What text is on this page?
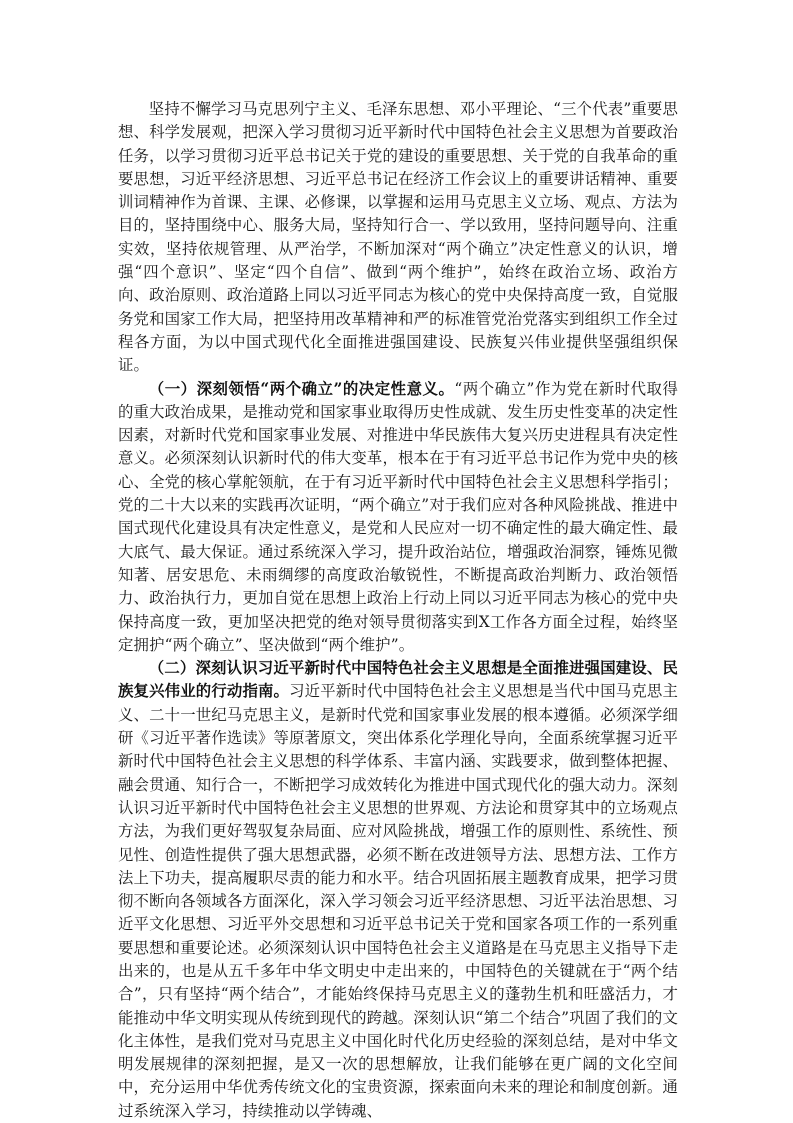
坚持不懈学习马克思列宁主义、毛泽东思想、邓小平理论、“三个代表”重要思想、科学发展观，把深入学习贯彻习近平新时代中国特色社会主义思想为首要政治任务，以学习贯彻习近平总书记关于党的建设的重要思想、关于党的自我革命的重要思想，习近平经济思想、习近平总书记在经济工作会议上的重要讲话精神、重要训词精神作为首课、主课、必修课，以掌握和运用马克思主义立场、观点、方法为目的，坚持围绕中心、服务大局，坚持知行合一、学以致用，坚持问题导向、注重实效，坚持依规管理、从严治学，不断加深对“两个确立”决定性意义的认识，增强“四个意识”、坚定“四个自信”、做到“两个维护”，始终在政治立场、政治方向、政治原则、政治道路上同以习近平同志为核心的党中央保持高度一致，自觉服务党和国家工作大局，把坚持用改革精神和严的标准管党治党落实到组织工作全过程各方面，为以中国式现代化全面推进强国建设、民族复兴伟业提供坚强组织保证。

（一）深刻领悟“两个确立”的决定性意义。“两个确立”作为党在新时代取得的重大政治成果，是推动党和国家事业取得历史性成就、发生历史性变革的决定性因素，对新时代党和国家事业发展、对推进中华民族伟大复兴历史进程具有决定性意义。必须深刻认识新时代的伟大变革，根本在于有习近平总书记作为党中央的核心、全党的核心掌舵领航，在于有习近平新时代中国特色社会主义思想科学指引；党的二十大以来的实践再次证明，“两个确立”对于我们应对各种风险挑战、推进中国式现代化建设具有决定性意义，是党和人民应对一切不确定性的最大确定性、最大底气、最大保证。通过系统深入学习，提升政治站位，增强政治洞察，锤炼见微知著、居安思危、未雨绸缪的高度政治敏锐性，不断提高政治判断力、政治领悟力、政治执行力，更加自觉在思想上政治上行动上同以习近平同志为核心的党中央保持高度一致，更加坚决把党的绝对领导贯彻落实到X工作各方面全过程，始终坚定拥护“两个确立”、坚决做到“两个维护”。

（二）深刻认识习近平新时代中国特色社会主义思想是全面推进强国建设、民族复兴伟业的行动指南。习近平新时代中国特色社会主义思想是当代中国马克思主义、二十一世纪马克思主义，是新时代党和国家事业发展的根本遵循。必须深学细研《习近平著作选读》等原著原文，突出体系化学理化导向，全面系统掌握习近平新时代中国特色社会主义思想的科学体系、丰富内涵、实践要求，做到整体把握、融会贯通、知行合一，不断把学习成效转化为推进中国式现代化的强大动力。深刻认识习近平新时代中国特色社会主义思想的世界观、方法论和贯穿其中的立场观点方法，为我们更好驾驭复杂局面、应对风险挑战，增强工作的原则性、系统性、预见性、创造性提供了强大思想武器，必须不断在改进领导方法、思想方法、工作方法上下功夫，提高履职尽责的能力和水平。结合巩固拓展主题教育成果，把学习贯彻不断向各领域各方面深化，深入学习领会习近平经济思想、习近平法治思想、习近平文化思想、习近平外交思想和习近平总书记关于党和国家各项工作的一系列重要思想和重要论述。必须深刻认识中国特色社会主义道路是在马克思主义指导下走出来的，也是从五千多年中华文明史中走出来的，中国特色的关键就在于“两个结合”，只有坚持“两个结合”，才能始终保持马克思主义的蓬勃生机和旺盛活力，才能推动中华文明实现从传统到现代的跨越。深刻认识“第二个结合”巩固了我们的文化主体性，是我们党对马克思主义中国化时代化历史经验的深刻总结，是对中华文明发展规律的深刻把握，是又一次的思想解放，让我们能够在更广阔的文化空间中，充分运用中华优秀传统文化的宝贵资源，探索面向未来的理论和制度创新。通过系统深入学习，持续推动以学铸魂、
